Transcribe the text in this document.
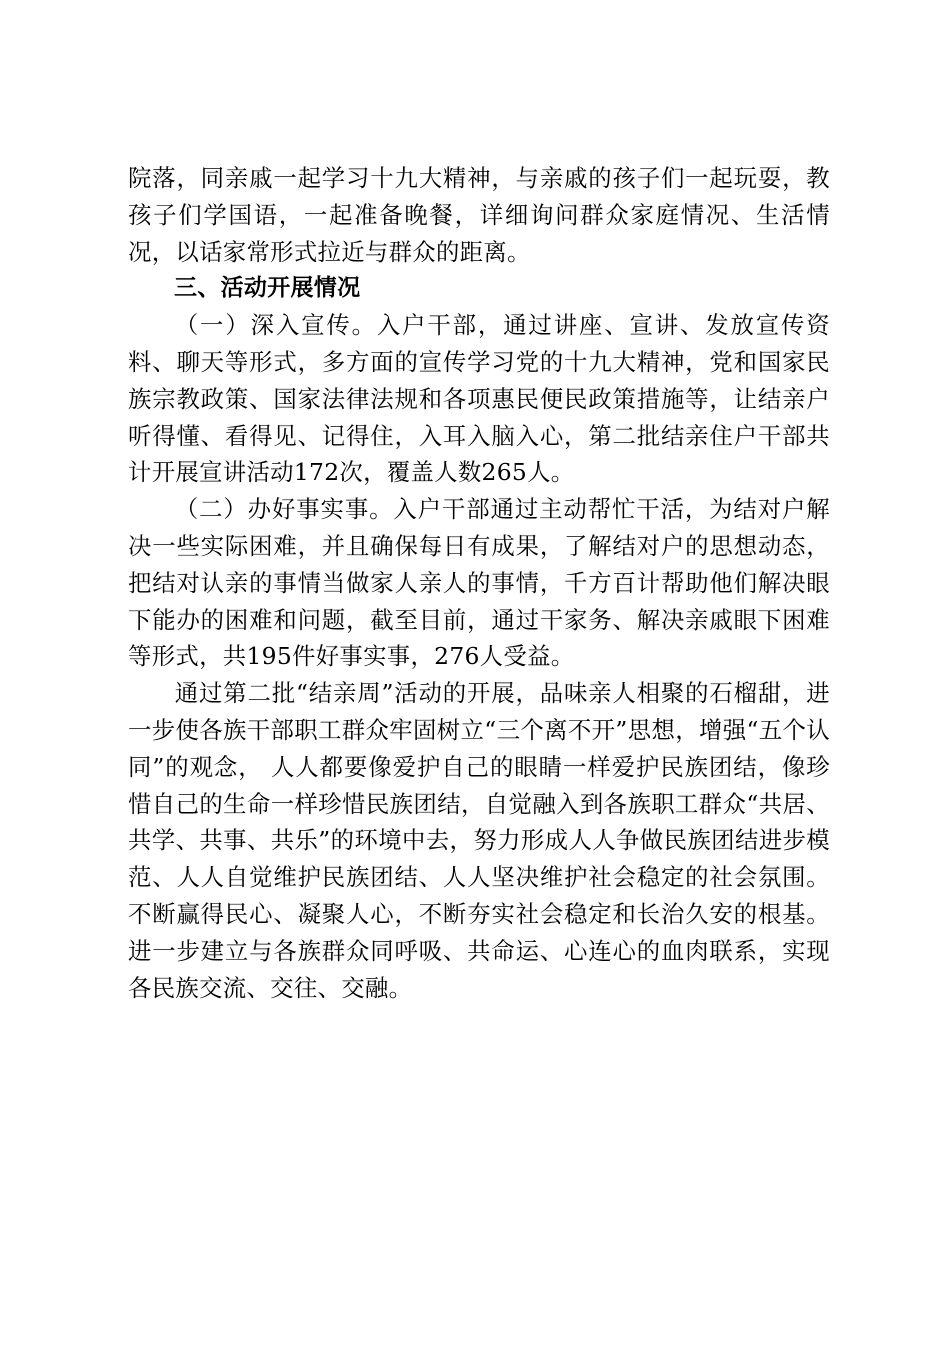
院落，同亲戚一起学习十九大精神，与亲戚的孩子们一起玩耍，教孩子们学国语，一起准备晚餐，详细询问群众家庭情况、生活情况，以话家常形式拉近与群众的距离。

三、活动开展情况

（一）深入宣传。入户干部，通过讲座、宣讲、发放宣传资料、聊天等形式，多方面的宣传学习党的十九大精神，党和国家民族宗教政策、国家法律法规和各项惠民便民政策措施等，让结亲户听得懂、看得见、记得住，入耳入脑入心，第二批结亲住户干部共计开展宣讲活动172次，覆盖人数265人。

（二）办好事实事。入户干部通过主动帮忙干活，为结对户解决一些实际困难，并且确保每日有成果，了解结对户的思想动态，把结对认亲的事情当做家人亲人的事情，千方百计帮助他们解决眼下能办的困难和问题，截至目前，通过干家务、解决亲戚眼下困难等形式，共195件好事实事，276人受益。

通过第二批“结亲周”活动的开展，品味亲人相聚的石榴甜，进一步使各族干部职工群众牢固树立“三个离不开”思想，增强“五个认同”的观念， 人人都要像爱护自己的眼睛一样爱护民族团结，像珍惜自己的生命一样珍惜民族团结，自觉融入到各族职工群众“共居、共学、共事、共乐”的环境中去，努力形成人人争做民族团结进步模范、人人自觉维护民族团结、人人坚决维护社会稳定的社会氛围。不断赢得民心、凝聚人心，不断夯实社会稳定和长治久安的根基。进一步建立与各族群众同呼吸、共命运、心连心的血肉联系，实现各民族交流、交往、交融。
